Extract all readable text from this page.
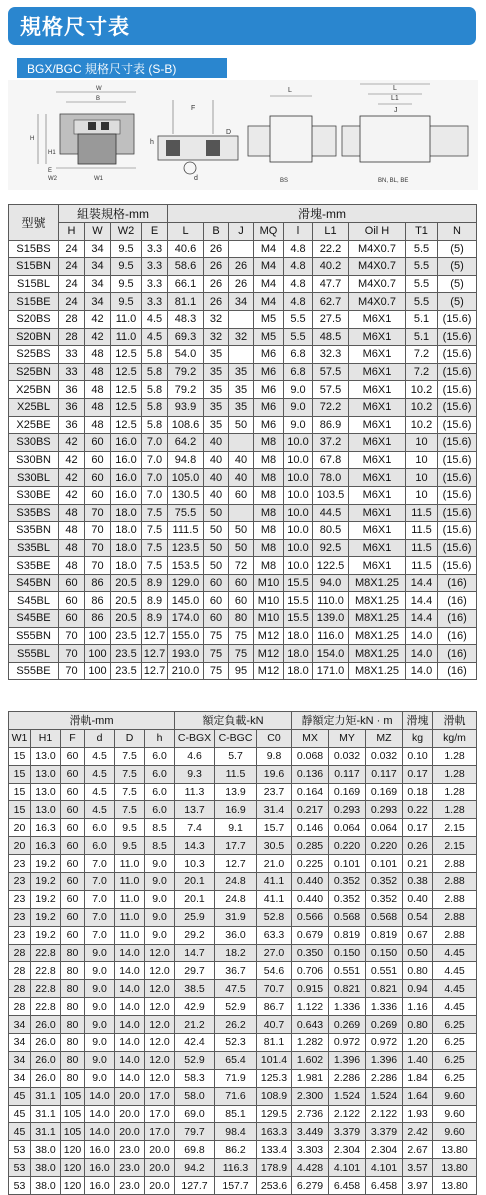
規格尺寸表
BGX/BGC 規格尺寸表 (S-B)
W
B
W2	W1
H
H1
E
F
d
D
h
L
BS
L
L1
J
BN, BL, BE
型號	組裝規格-mm				滑塊-mm								
	H	W	W2	E	L	B	J	MQ	l	L1	Oil H	T1	N
S15BS	24	34	9.5	3.3	40.6	26		M4	4.8	22.2	M4X0.7	5.5	(5)
S15BN	24	34	9.5	3.3	58.6	26	26	M4	4.8	40.2	M4X0.7	5.5	(5)
S15BL	24	34	9.5	3.3	66.1	26	26	M4	4.8	47.7	M4X0.7	5.5	(5)
S15BE	24	34	9.5	3.3	81.1	26	34	M4	4.8	62.7	M4X0.7	5.5	(5)
S20BS	28	42	11.0	4.5	48.3	32		M5	5.5	27.5	M6X1	5.1	(15.6)
S20BN	28	42	11.0	4.5	69.3	32	32	M5	5.5	48.5	M6X1	5.1	(15.6)
S25BS	33	48	12.5	5.8	54.0	35		M6	6.8	32.3	M6X1	7.2	(15.6)
S25BN	33	48	12.5	5.8	79.2	35	35	M6	6.8	57.5	M6X1	7.2	(15.6)
X25BN	36	48	12.5	5.8	79.2	35	35	M6	9.0	57.5	M6X1	10.2	(15.6)
X25BL	36	48	12.5	5.8	93.9	35	35	M6	9.0	72.2	M6X1	10.2	(15.6)
X25BE	36	48	12.5	5.8	108.6	35	50	M6	9.0	86.9	M6X1	10.2	(15.6)
S30BS	42	60	16.0	7.0	64.2	40		M8	10.0	37.2	M6X1	10	(15.6)
S30BN	42	60	16.0	7.0	94.8	40	40	M8	10.0	67.8	M6X1	10	(15.6)
S30BL	42	60	16.0	7.0	105.0	40	40	M8	10.0	78.0	M6X1	10	(15.6)
S30BE	42	60	16.0	7.0	130.5	40	60	M8	10.0	103.5	M6X1	10	(15.6)
S35BS	48	70	18.0	7.5	75.5	50		M8	10.0	44.5	M6X1	11.5	(15.6)
S35BN	48	70	18.0	7.5	111.5	50	50	M8	10.0	80.5	M6X1	11.5	(15.6)
S35BL	48	70	18.0	7.5	123.5	50	50	M8	10.0	92.5	M6X1	11.5	(15.6)
S35BE	48	70	18.0	7.5	153.5	50	72	M8	10.0	122.5	M6X1	11.5	(15.6)
S45BN	60	86	20.5	8.9	129.0	60	60	M10	15.5	94.0	M8X1.25	14.4	(16)
S45BL	60	86	20.5	8.9	145.0	60	60	M10	15.5	110.0	M8X1.25	14.4	(16)
S45BE	60	86	20.5	8.9	174.0	60	80	M10	15.5	139.0	M8X1.25	14.4	(16)
S55BN	70	100	23.5	12.7	155.0	75	75	M12	18.0	116.0	M8X1.25	14.0	(16)
S55BL	70	100	23.5	12.7	193.0	75	75	M12	18.0	154.0	M8X1.25	14.0	(16)
S55BE	70	100	23.5	12.7	210.0	75	95	M12	18.0	171.0	M8X1.25	14.0	(16)
滑軌-mm						額定負載-kN			靜額定力矩-kN · m			滑塊	滑軌
W1	H1	F	d	D	h	C-BGX	C-BGC	C0	MX	MY	MZ	kg	kg/m
15	13.0	60	4.5	7.5	6.0	4.6	5.7	9.8	0.068	0.032	0.032	0.10	1.28
15	13.0	60	4.5	7.5	6.0	9.3	11.5	19.6	0.136	0.117	0.117	0.17	1.28
15	13.0	60	4.5	7.5	6.0	11.3	13.9	23.7	0.164	0.169	0.169	0.18	1.28
15	13.0	60	4.5	7.5	6.0	13.7	16.9	31.4	0.217	0.293	0.293	0.22	1.28
20	16.3	60	6.0	9.5	8.5	7.4	9.1	15.7	0.146	0.064	0.064	0.17	2.15
20	16.3	60	6.0	9.5	8.5	14.3	17.7	30.5	0.285	0.220	0.220	0.26	2.15
23	19.2	60	7.0	11.0	9.0	10.3	12.7	21.0	0.225	0.101	0.101	0.21	2.88
23	19.2	60	7.0	11.0	9.0	20.1	24.8	41.1	0.440	0.352	0.352	0.38	2.88
23	19.2	60	7.0	11.0	9.0	20.1	24.8	41.1	0.440	0.352	0.352	0.40	2.88
23	19.2	60	7.0	11.0	9.0	25.9	31.9	52.8	0.566	0.568	0.568	0.54	2.88
23	19.2	60	7.0	11.0	9.0	29.2	36.0	63.3	0.679	0.819	0.819	0.67	2.88
28	22.8	80	9.0	14.0	12.0	14.7	18.2	27.0	0.350	0.150	0.150	0.50	4.45
28	22.8	80	9.0	14.0	12.0	29.7	36.7	54.6	0.706	0.551	0.551	0.80	4.45
28	22.8	80	9.0	14.0	12.0	38.5	47.5	70.7	0.915	0.821	0.821	0.94	4.45
28	22.8	80	9.0	14.0	12.0	42.9	52.9	86.7	1.122	1.336	1.336	1.16	4.45
34	26.0	80	9.0	14.0	12.0	21.2	26.2	40.7	0.643	0.269	0.269	0.80	6.25
34	26.0	80	9.0	14.0	12.0	42.4	52.3	81.1	1.282	0.972	0.972	1.20	6.25
34	26.0	80	9.0	14.0	12.0	52.9	65.4	101.4	1.602	1.396	1.396	1.40	6.25
34	26.0	80	9.0	14.0	12.0	58.3	71.9	125.3	1.981	2.286	2.286	1.84	6.25
45	31.1	105	14.0	20.0	17.0	58.0	71.6	108.9	2.300	1.524	1.524	1.64	9.60
45	31.1	105	14.0	20.0	17.0	69.0	85.1	129.5	2.736	2.122	2.122	1.93	9.60
45	31.1	105	14.0	20.0	17.0	79.7	98.4	163.3	3.449	3.379	3.379	2.42	9.60
53	38.0	120	16.0	23.0	20.0	69.8	86.2	133.4	3.303	2.304	2.304	2.67	13.80
53	38.0	120	16.0	23.0	20.0	94.2	116.3	178.9	4.428	4.101	4.101	3.57	13.80
53	38.0	120	16.0	23.0	20.0	127.7	157.7	253.6	6.279	6.458	6.458	3.97	13.80
